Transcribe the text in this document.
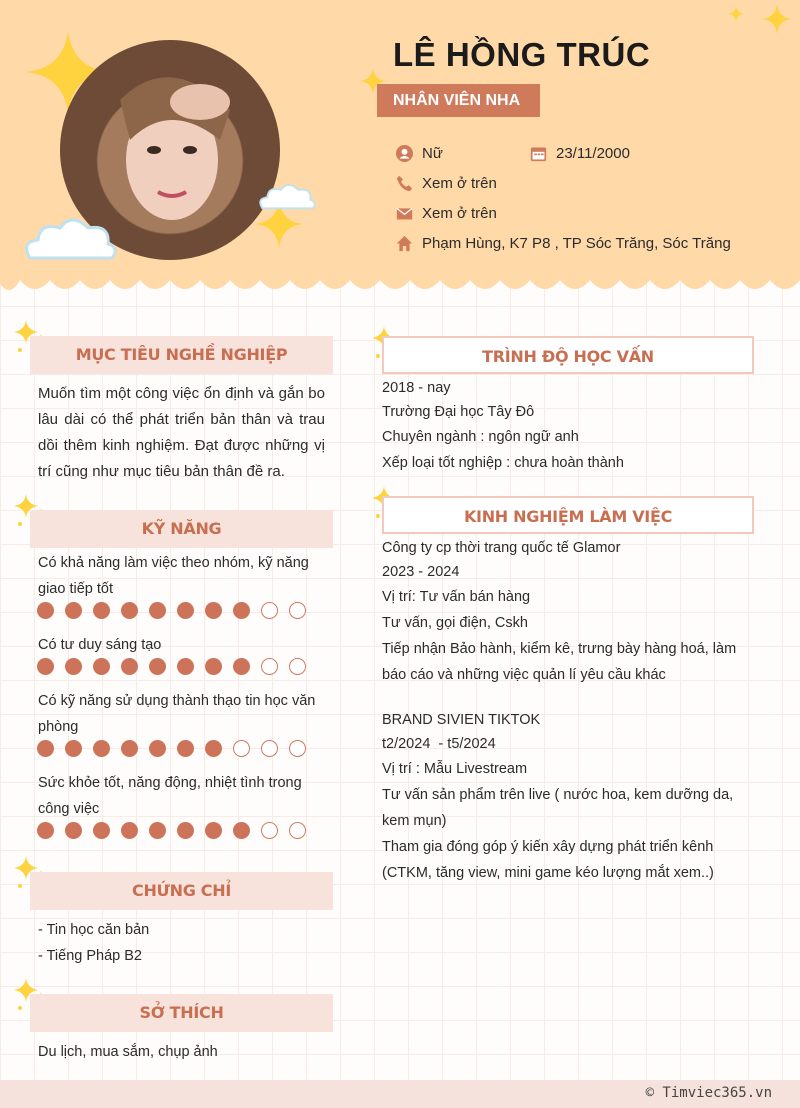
LÊ HỒNG TRÚC
NHÂN VIÊN NHA
Nữ	23/11/2000
Xem ở trên
Xem ở trên
Phạm Hùng, K7 P8 , TP Sóc Trăng, Sóc Trăng
MỤC TIÊU NGHỀ NGHIỆP
Muốn tìm một công việc ổn định và gắn bo lâu dài có thể phát triển bản thân và trau dồi thêm kinh nghiệm. Đạt được những vị trí cũng như mục tiêu bản thân đề ra.
KỸ NĂNG
Có khả năng làm việc theo nhóm, kỹ năng giao tiếp tốt
Có tư duy sáng tạo
Có kỹ năng sử dụng thành thạo tin học văn phòng
Sức khỏe tốt, năng động, nhiệt tình trong công việc
CHỨNG CHỈ
- Tin học căn bản
- Tiếng Pháp B2
SỞ THÍCH
Du lịch, mua sắm, chụp ảnh
TRÌNH ĐỘ HỌC VẤN
2018 - nay
Trường Đại học Tây Đô
Chuyên ngành : ngôn ngữ anh
Xếp loại tốt nghiệp : chưa hoàn thành
KINH NGHIỆM LÀM VIỆC
Công ty cp thời trang quốc tế Glamor
2023 - 2024
Vị trí: Tư vấn bán hàng
Tư vấn, gọi điện, Cskh
Tiếp nhận Bảo hành, kiểm kê, trưng bày hàng hoá, làm báo cáo và những việc quản lí yêu cầu khác
BRAND SIVIEN TIKTOK
t2/2024  - t5/2024
Vị trí : Mẫu Livestream
Tư vấn sản phẩm trên live ( nước hoa, kem dưỡng da, kem mụn)
Tham gia đóng góp ý kiến xây dựng phát triển kênh (CTKM, tăng view, mini game kéo lượng mắt xem..)
© Timviec365.vn
